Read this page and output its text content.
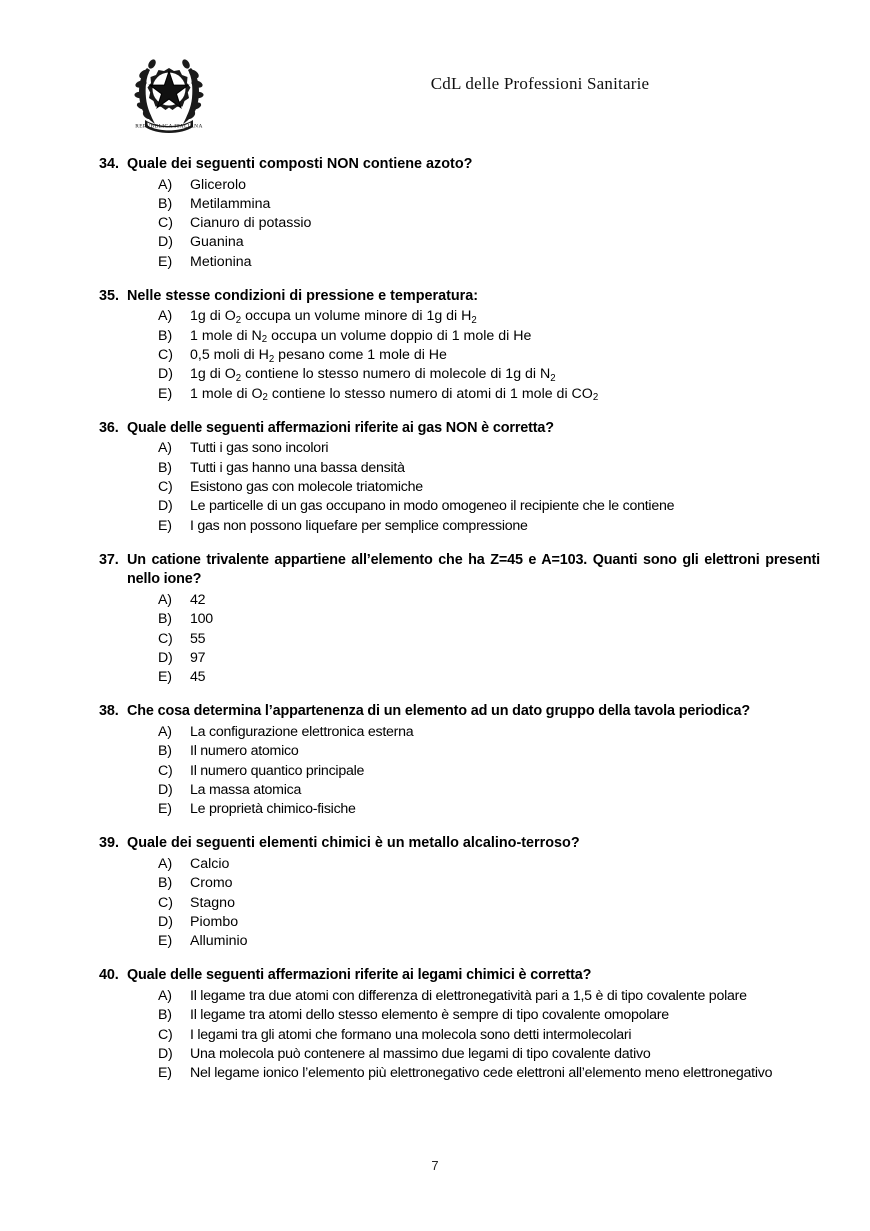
REPVBBLICA ITALIANA
CdL delle Professioni Sanitarie
34. Quale dei seguenti composti NON contiene azoto?
A) Glicerolo
B) Metilammina
C) Cianuro di potassio
D) Guanina
E) Metionina
35. Nelle stesse condizioni di pressione e temperatura:
A) 1g di $O_2$ occupa un volume minore di 1g di $H_2$
B) 1 mole di $N_2$ occupa un volume doppio di 1 mole di He
C) 0,5 moli di $H_2$ pesano come 1 mole di He
D) 1g di $O_2$ contiene lo stesso numero di molecole di 1g di $N_2$
E) 1 mole di $O_2$ contiene lo stesso numero di atomi di 1 mole di $CO_2$
36. Quale delle seguenti affermazioni riferite ai gas NON è corretta?
A) Tutti i gas sono incolori
B) Tutti i gas hanno una bassa densità
C) Esistono gas con molecole triatomiche
D) Le particelle di un gas occupano in modo omogeneo il recipiente che le contiene
E) I gas non possono liquefare per semplice compressione
37. Un catione trivalente appartiene all’elemento che ha Z=45 e A=103. Quanti sono gli elettroni presenti nello ione?
A) 42
B) 100
C) 55
D) 97
E) 45
38. Che cosa determina l’appartenenza di un elemento ad un dato gruppo della tavola periodica?
A) La configurazione elettronica esterna
B) Il numero atomico
C) Il numero quantico principale
D) La massa atomica
E) Le proprietà chimico-fisiche
39. Quale dei seguenti elementi chimici è un metallo alcalino-terroso?
A) Calcio
B) Cromo
C) Stagno
D) Piombo
E) Alluminio
40. Quale delle seguenti affermazioni riferite ai legami chimici è corretta?
A) Il legame tra due atomi con differenza di elettronegatività pari a 1,5 è di tipo covalente polare
B) Il legame tra atomi dello stesso elemento è sempre di tipo covalente omopolare
C) I legami tra gli atomi che formano una molecola sono detti intermolecolari
D) Una molecola può contenere al massimo due legami di tipo covalente dativo
E) Nel legame ionico l’elemento più elettronegativo cede elettroni all’elemento meno elettronegativo
7
